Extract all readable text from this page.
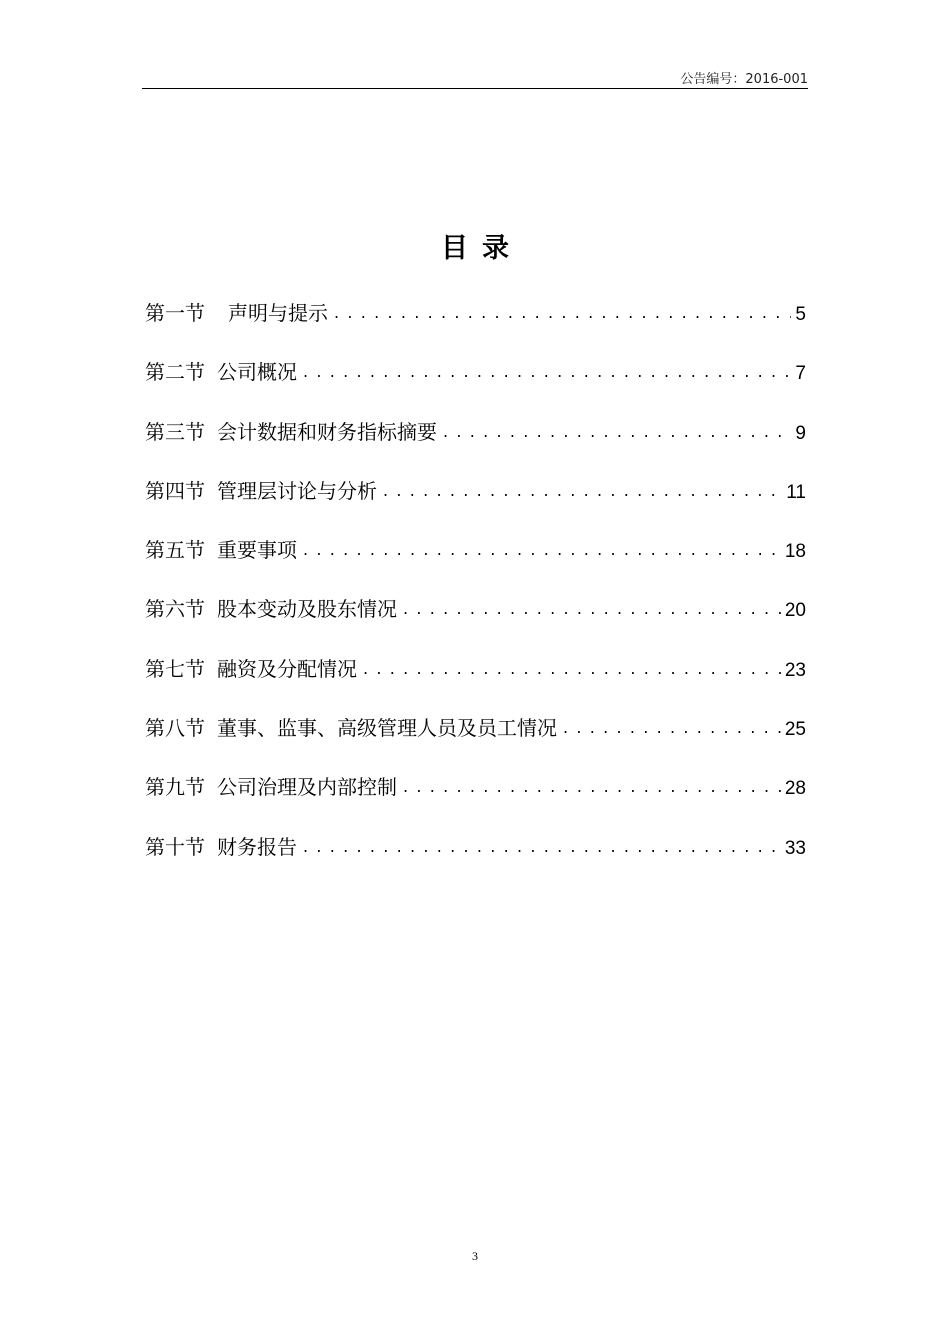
公告编号：2016-001
目录
第一节 声明与提示 . . .	5
第二节 公司概况 . . .	7
第三节 会计数据和财务指标摘要 . . .	9
第四节 管理层讨论与分析 . . .	11
第五节 重要事项 . . .	18
第六节 股本变动及股东情况 . . .	20
第七节 融资及分配情况 . . .	23
第八节 董事、监事、高级管理人员及员工情况 . . .	25
第九节 公司治理及内部控制 . . .	28
第十节 财务报告 . . .	33
3
